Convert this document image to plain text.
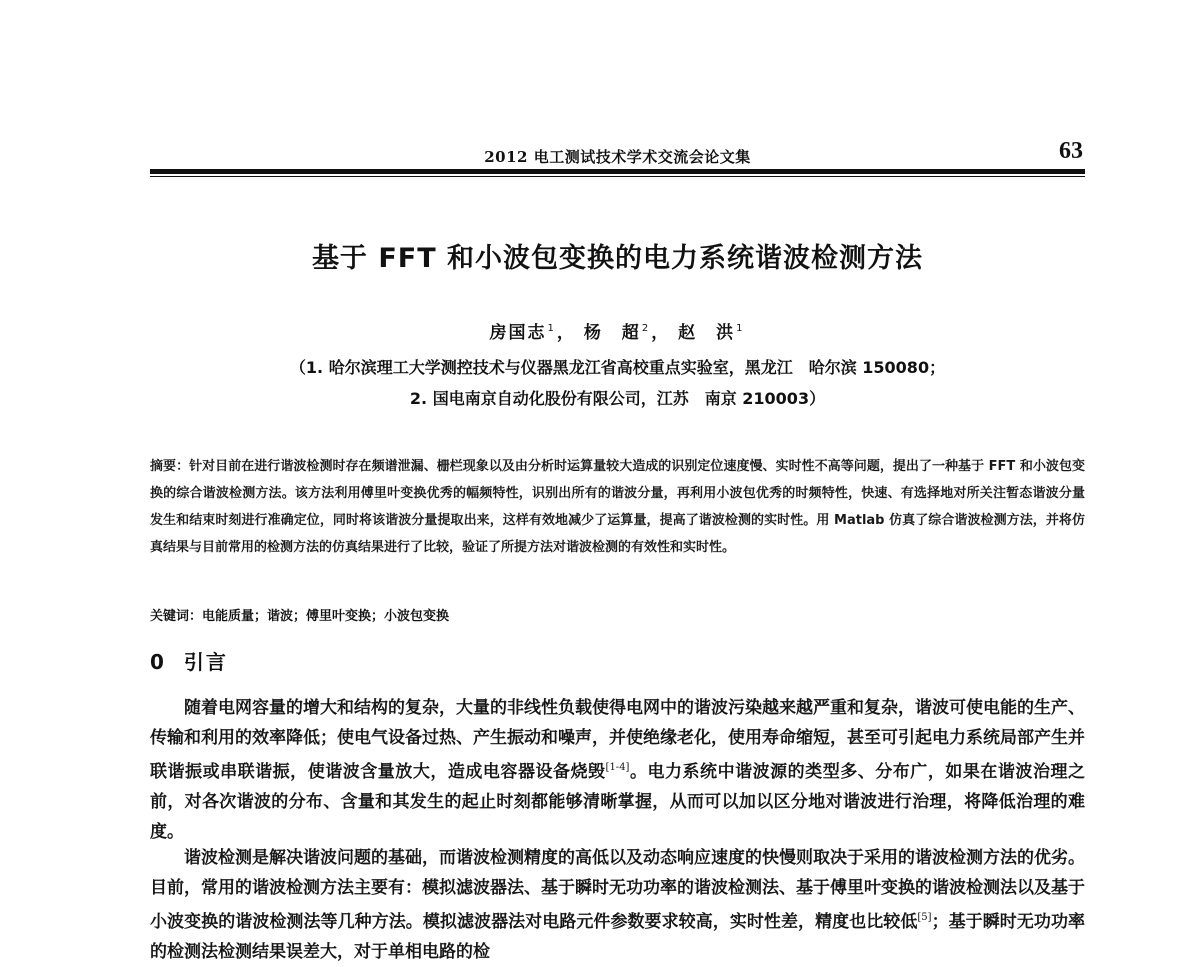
2012 电工测试技术学术交流会论文集	63
基于 FFT 和小波包变换的电力系统谐波检测方法
房国志$^1$， 杨　超$^2$， 赵　洪$^1$
（1. 哈尔滨理工大学测控技术与仪器黑龙江省高校重点实验室，黑龙江　哈尔滨 150080；
2. 国电南京自动化股份有限公司，江苏　南京 210003）
摘要：针对目前在进行谐波检测时存在频谱泄漏、栅栏现象以及由分析时运算量较大造成的识别定位速度慢、实时性不高等问题，提出了一种基于 FFT 和小波包变换的综合谐波检测方法。该方法利用傅里叶变换优秀的幅频特性，识别出所有的谐波分量，再利用小波包优秀的时频特性，快速、有选择地对所关注暂态谐波分量发生和结束时刻进行准确定位，同时将该谐波分量提取出来，这样有效地减少了运算量，提高了谐波检测的实时性。用 Matlab 仿真了综合谐波检测方法，并将仿真结果与目前常用的检测方法的仿真结果进行了比较，验证了所提方法对谐波检测的有效性和实时性。
关键词：电能质量；谐波；傅里叶变换；小波包变换
0 引言
随着电网容量的增大和结构的复杂，大量的非线性负载使得电网中的谐波污染越来越严重和复杂，谐波可使电能的生产、传输和利用的效率降低；使电气设备过热、产生振动和噪声，并使绝缘老化，使用寿命缩短，甚至可引起电力系统局部产生并联谐振或串联谐振，使谐波含量放大，造成电容器设备烧毁[1-4]。电力系统中谐波源的类型多、分布广，如果在谐波治理之前，对各次谐波的分布、含量和其发生的起止时刻都能够清晰掌握，从而可以加以区分地对谐波进行治理，将降低治理的难度。
谐波检测是解决谐波问题的基础，而谐波检测精度的高低以及动态响应速度的快慢则取决于采用的谐波检测方法的优劣。目前，常用的谐波检测方法主要有：模拟滤波器法、基于瞬时无功功率的谐波检测法、基于傅里叶变换的谐波检测法以及基于小波变换的谐波检测法等几种方法。模拟滤波器法对电路元件参数要求较高，实时性差，精度也比较低[5]；基于瞬时无功功率的检测法检测结果误差大，对于单相电路的检
